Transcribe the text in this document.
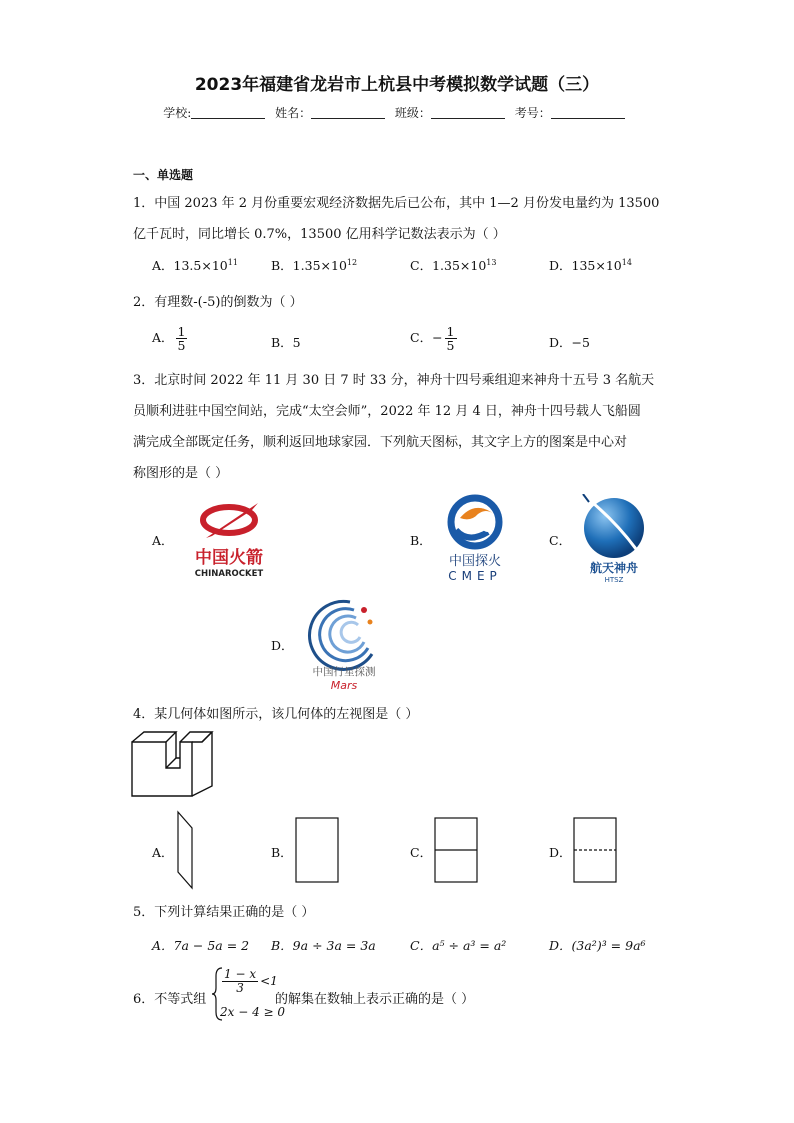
2023年福建省龙岩市上杭县中考模拟数学试题（三）
学校:	姓名：	班级：	考号：
一、单选题
1．中国 2023 年 2 月份重要宏观经济数据先后已公布，其中 1—2 月份发电量约为 13500
亿千瓦时，同比增长 0.7%，13500 亿用科学记数法表示为（ ）
A．$13.5\times 10^{11}$	B．$1.35\times 10^{12}$	C．$1.35\times 10^{13}$	D．$135\times 10^{14}$
2．有理数-(-5)的倒数为（ ）
A． $\frac{1}{5}$	B．5	C．− $\frac{1}{5}$	D．−5
3．北京时间 2022 年 11 月 30 日 7 时 33 分，神舟十四号乘组迎来神舟十五号 3 名航天
员顺利进驻中国空间站，完成“太空会师”，2022 年 12 月 4 日，神舟十四号载人飞船圆
满完成全部既定任务，顺利返回地球家园．下列航天图标，其文字上方的图案是中心对
称图形的是（ ）
A．
中国火箭
CHINAROCKET
B．
中国探火
CMEP
C．
航天神舟
HTSZ
D．
中国行星探测
Mars
4．某几何体如图所示，该几何体的左视图是（ ）
A．	B．	C．	D．
5．下列计算结果正确的是（ ）
A．7a − 5a = 2 B．9a ÷ 3a = 3a	C．a⁵ ÷ a³ = a²	D．(3a²)³ = 9a⁶
6．不等式组
$\frac{1 - x}{3} <1$
2x − 4 ≥ 0
的解集在数轴上表示正确的是（ ）
